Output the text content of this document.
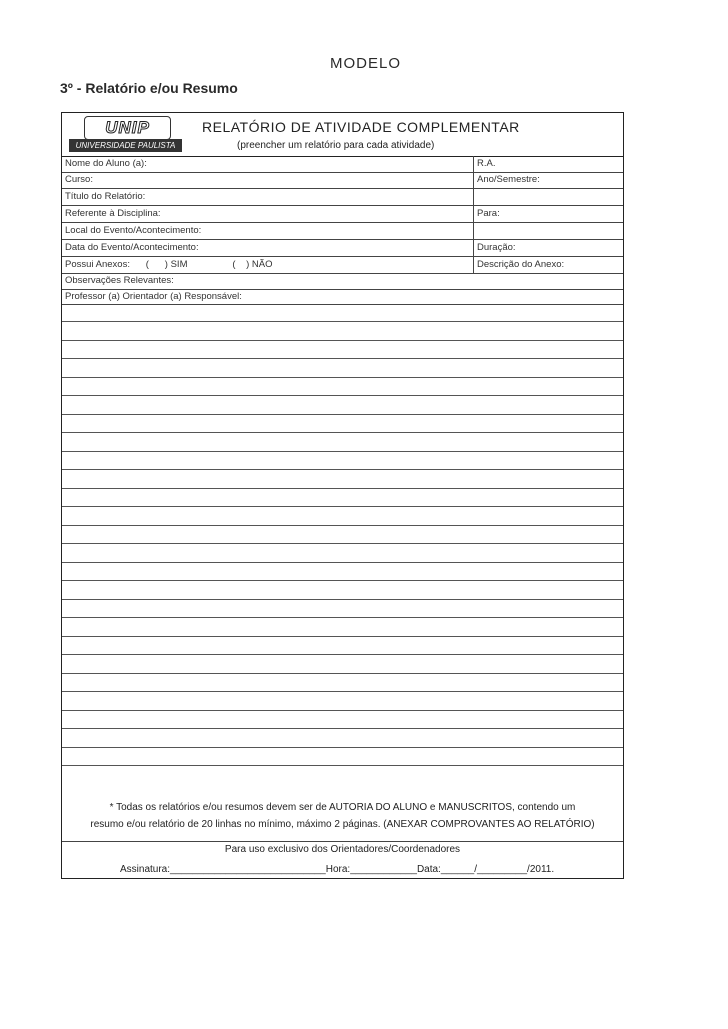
MODELO
3º - Relatório e/ou Resumo
UNIP
UNIVERSIDADE PAULISTA
RELATÓRIO DE ATIVIDADE COMPLEMENTAR
(preencher um relatório para cada atividade)
Nome do Aluno (a):	R.A.
Curso:	Ano/Semestre:
Título do Relatório:
Referente à Disciplina:	Para:
Local do Evento/Acontecimento:
Data do Evento/Acontecimento:	Duração:
Possui Anexos:      (      ) SIM                 (    ) NÃO	Descrição do Anexo:
Observações Relevantes:
Professor (a) Orientador (a) Responsável:
* Todas os relatórios e/ou resumos devem ser de AUTORIA DO ALUNO e MANUSCRITOS, contendo um
resumo e/ou relatório de 20 linhas no mínimo, máximo 2 páginas. (ANEXAR COMPROVANTES AO RELATÓRIO)
Para uso exclusivo dos Orientadores/Coordenadores
Assinatura:____________________________Hora:____________Data:______/_________/2011.
